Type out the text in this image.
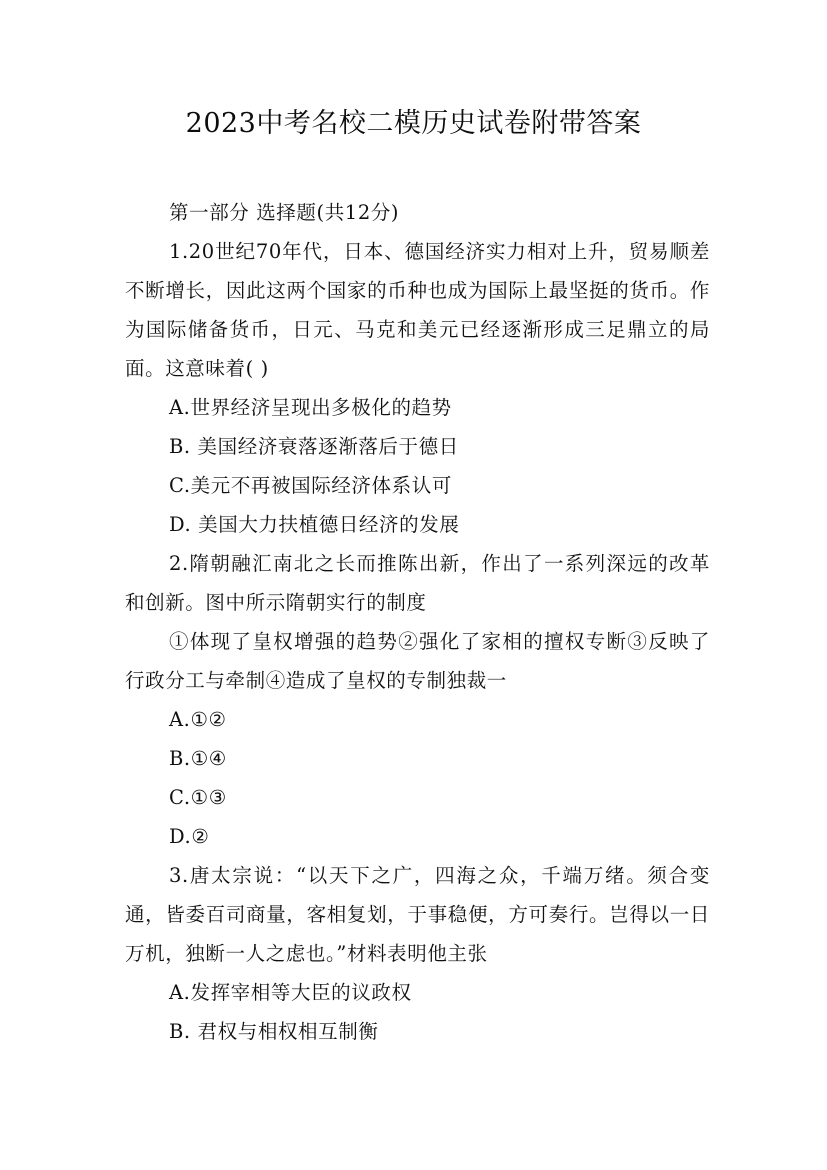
2023中考名校二模历史试卷附带答案

第一部分 选择题(共12分)

1.20世纪70年代，日本、德国经济实力相对上升，贸易顺差不断增长，因此这两个国家的币种也成为国际上最坚挺的货币。作为国际储备货币，日元、马克和美元已经逐渐形成三足鼎立的局面。这意味着( )

A.世界经济呈现出多极化的趋势

B. 美国经济衰落逐渐落后于德日

C.美元不再被国际经济体系认可

D. 美国大力扶植德日经济的发展

2.隋朝融汇南北之长而推陈出新，作出了一系列深远的改革和创新。图中所示隋朝实行的制度

①体现了皇权增强的趋势②强化了家相的擅权专断③反映了行政分工与牵制④造成了皇权的专制独裁一

A.①②

B.①④

C.①③

D.②

3.唐太宗说：“以天下之广，四海之众，千端万绪。须合变通，皆委百司商量，客相复划，于事稳便，方可奏行。岂得以一日万机，独断一人之虑也。”材料表明他主张

A.发挥宰相等大臣的议政权

B. 君权与相权相互制衡
